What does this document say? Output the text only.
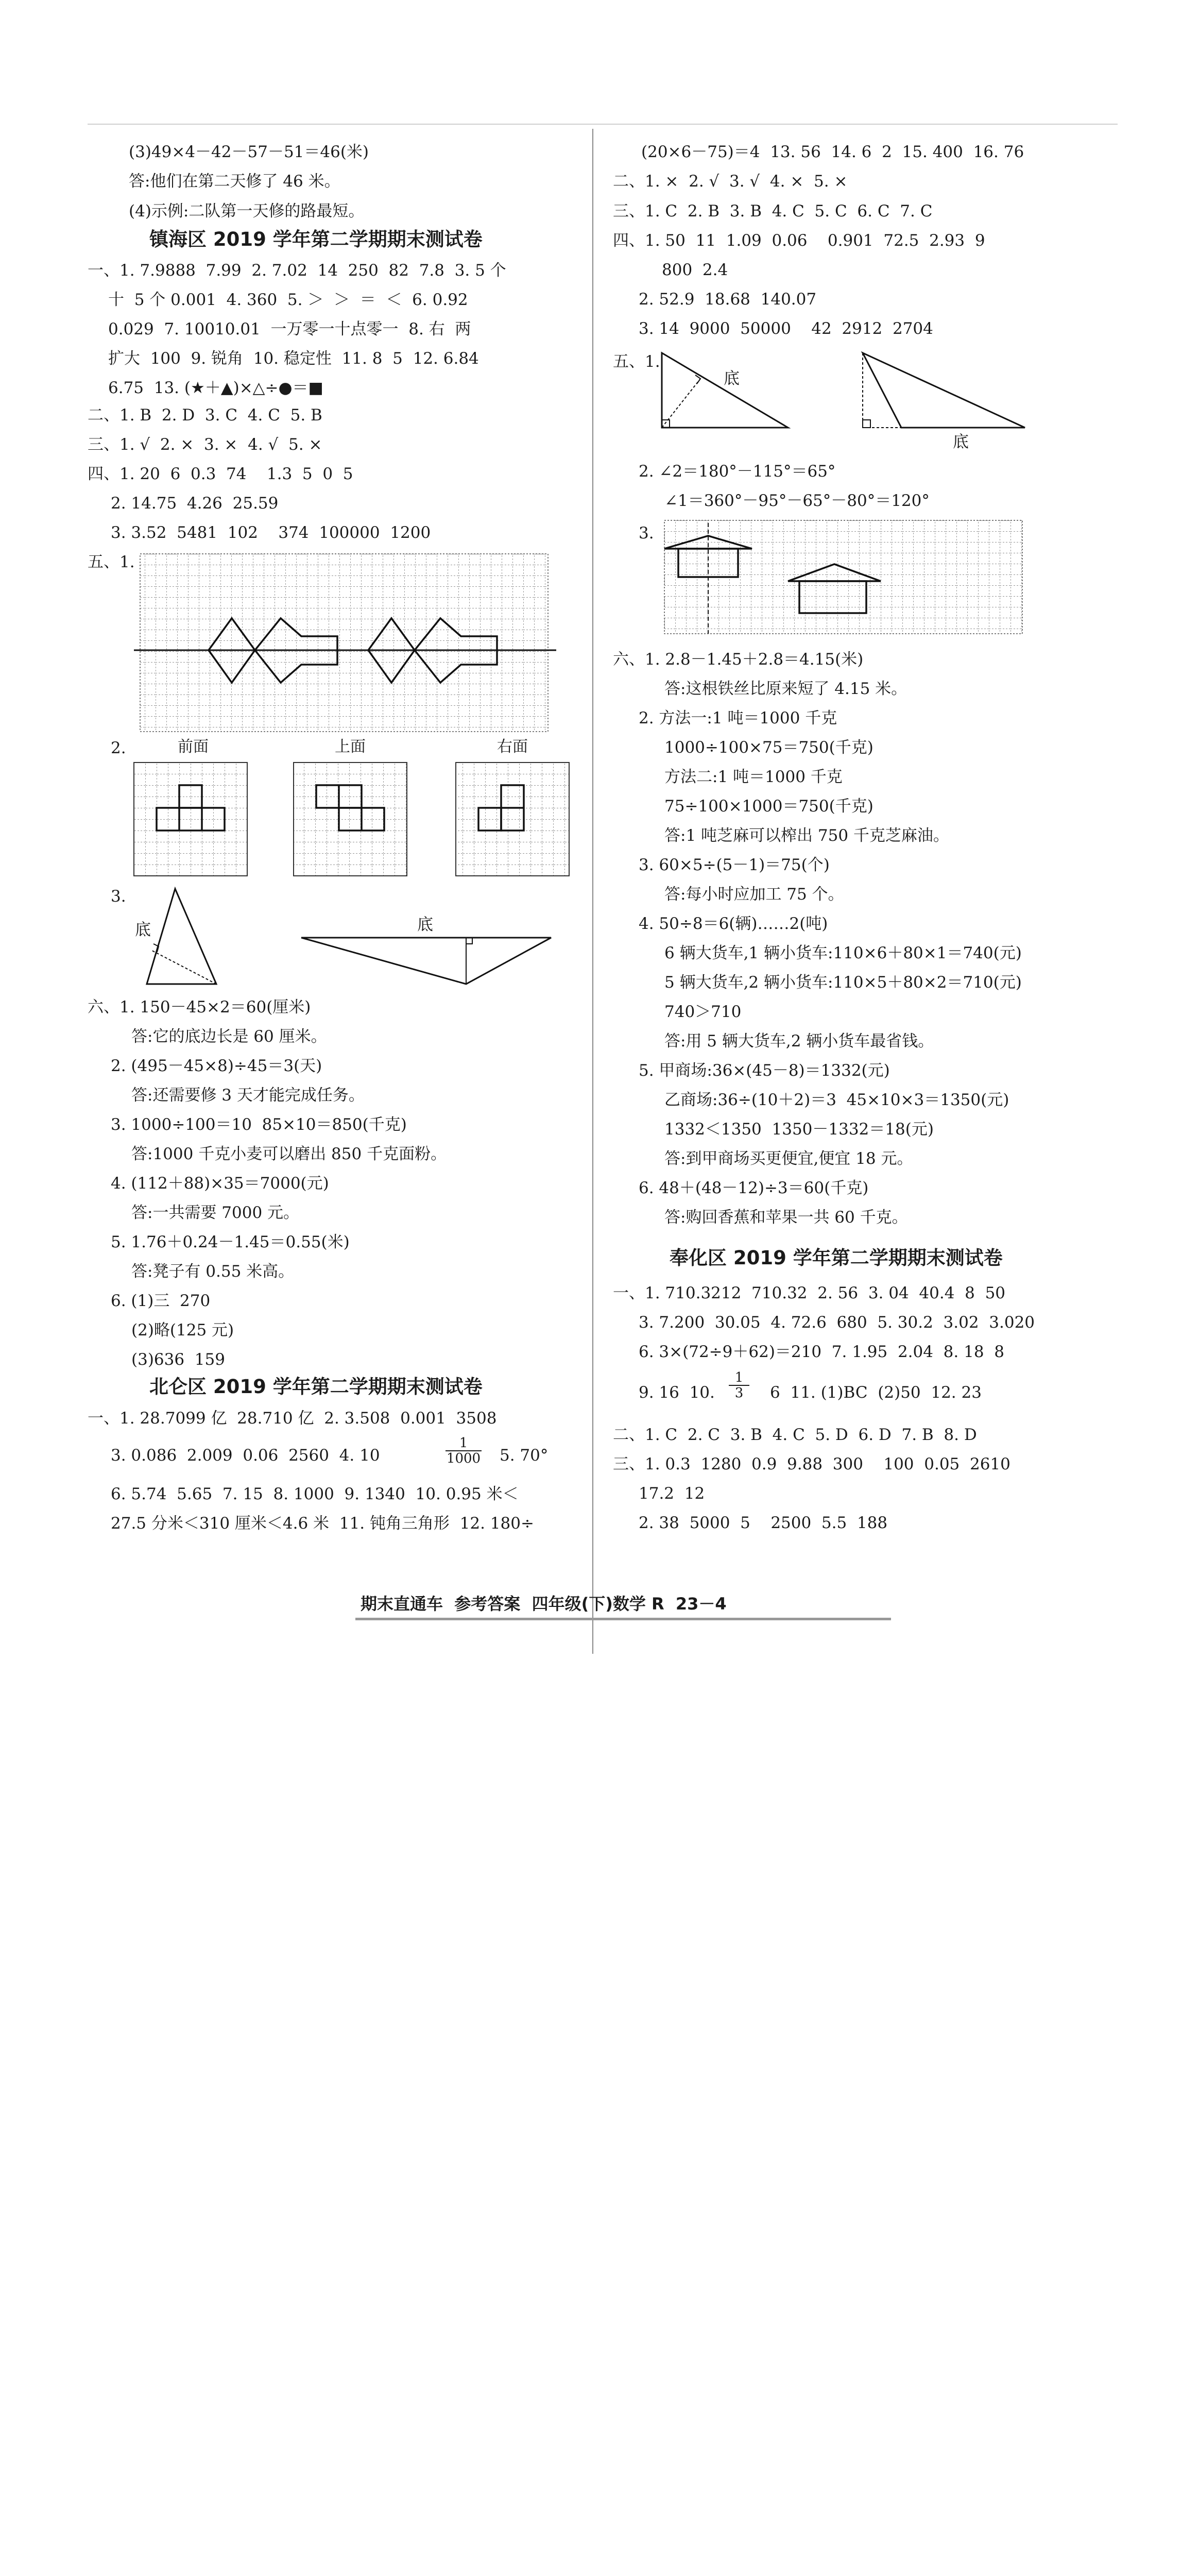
(3)49×4－42－57－51＝46(米)
答:他们在第二天修了 46 米。
(4)示例:二队第一天修的路最短。
镇海区 2019 学年第二学期期末测试卷
一、1. 7.9888  7.99  2. 7.02  14  250  82  7.8  3. 5 个
十  5 个 0.001  4. 360  5. ＞  ＞  ＝  ＜  6. 0.92
0.029  7. 10010.01  一万零一十点零一  8. 右  两
扩大  100  9. 锐角  10. 稳定性  11. 8  5  12. 6.84
6.75  13. (★＋▲)×△÷●＝■
二、1. B  2. D  3. C  4. C  5. B
三、1. √  2. ×  3. ×  4. √  5. ×
四、1. 20  6  0.3  74    1.3  5  0  5
2. 14.75  4.26  25.59
3. 3.52  5481  102    374  100000  1200
五、1.
2.	前面	上面	右面
3.
底	底
六、1. 150－45×2＝60(厘米)
答:它的底边长是 60 厘米。
2. (495－45×8)÷45＝3(天)
答:还需要修 3 天才能完成任务。
3. 1000÷100＝10  85×10＝850(千克)
答:1000 千克小麦可以磨出 850 千克面粉。
4. (112＋88)×35＝7000(元)
答:一共需要 7000 元。
5. 1.76＋0.24－1.45＝0.55(米)
答:凳子有 0.55 米高。
6. (1)三  270
(2)略(125 元)
(3)636  159
北仑区 2019 学年第二学期期末测试卷
一、1. 28.7099 亿  28.710 亿  2. 3.508  0.001  3508
3. 0.086  2.009  0.06  2560  4. 10	$\frac{1}{1000} 5$. 70°
6. 5.74  5.65  7. 15  8. 1000  9. 1340  10. 0.95 米＜
27.5 分米＜310 厘米＜4.6 米  11. 钝角三角形  12. 180÷
(20×6－75)＝4  13. 56  14. 6  2  15. 400  16. 76
二、1. ×  2. √  3. √  4. ×  5. ×
三、1. C  2. B  3. B  4. C  5. C  6. C  7. C
四、1. 50  11  1.09  0.06    0.901  72.5  2.93  9
800  2.4
2. 52.9  18.68  140.07
3. 14  9000  50000    42  2912  2704
五、1.
底
底
2. ∠2＝180°－115°＝65°
∠1＝360°－95°－65°－80°＝120°
3.
六、1. 2.8－1.45＋2.8＝4.15(米)
答:这根铁丝比原来短了 4.15 米。
2. 方法一:1 吨＝1000 千克
1000÷100×75＝750(千克)
方法二:1 吨＝1000 千克
75÷100×1000＝750(千克)
答:1 吨芝麻可以榨出 750 千克芝麻油。
3. 60×5÷(5－1)＝75(个)
答:每小时应加工 75 个。
4. 50÷8＝6(辆)……2(吨)
6 辆大货车,1 辆小货车:110×6＋80×1＝740(元)
5 辆大货车,2 辆小货车:110×5＋80×2＝710(元)
740＞710
答:用 5 辆大货车,2 辆小货车最省钱。
5. 甲商场:36×(45－8)＝1332(元)
乙商场:36÷(10＋2)＝3  45×10×3＝1350(元)
1332＜1350  1350－1332＝18(元)
答:到甲商场买更便宜,便宜 18 元。
6. 48＋(48－12)÷3＝60(千克)
答:购回香蕉和苹果一共 60 千克。
奉化区 2019 学年第二学期期末测试卷
一、1. 710.3212  710.32  2. 56  3. 04  40.4  8  50
3. 7.200  30.05  4. 72.6  680  5. 30.2  3.02  3.020
6. 3×(72÷9＋62)＝210  7. 1.95  2.04  8. 18  8
9. 16  10. $\frac{1}{3} 6$  11. (1)BC  (2)50  12. 23
二、1. C  2. C  3. B  4. C  5. D  6. D  7. B  8. D
三、1. 0.3  1280  0.9  9.88  300    100  0.05  2610
17.2  12
2. 38  5000  5    2500  5.5  188
期末直通车  参考答案  四年级(下)数学 R  23－4
